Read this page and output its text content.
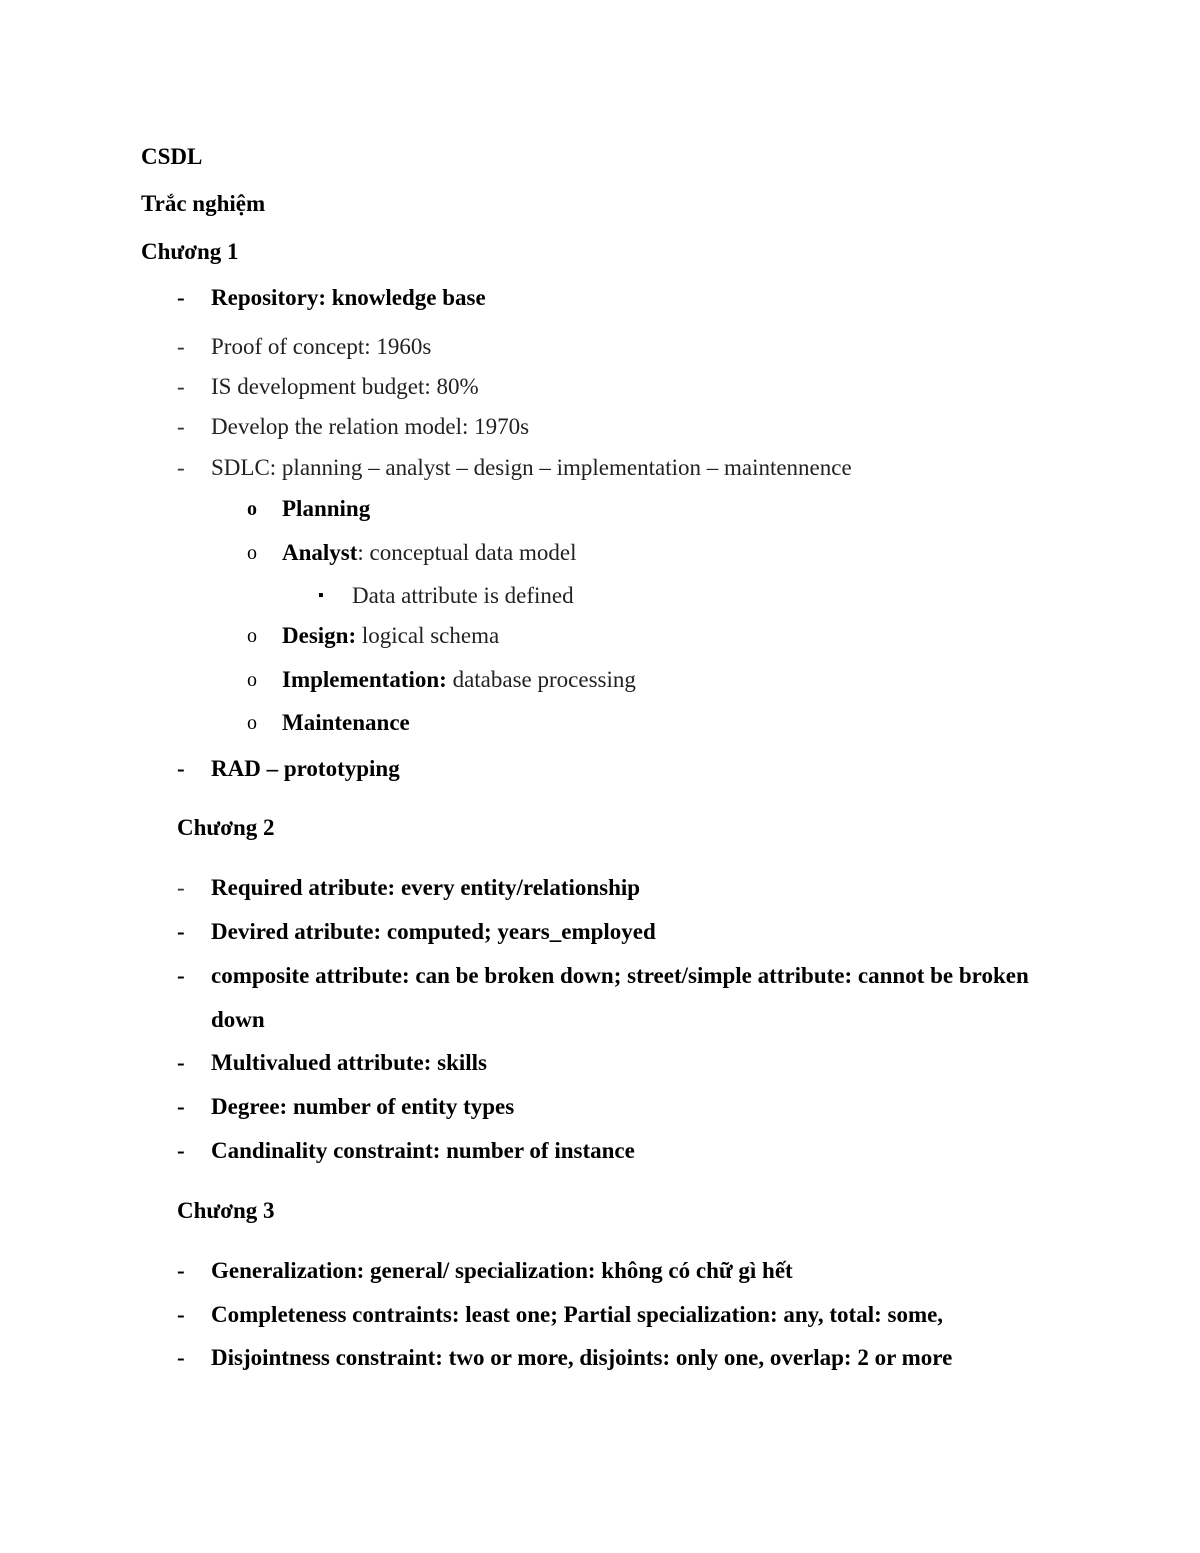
CSDL
Trắc nghiệm
Chương 1
- Repository: knowledge base
- Proof of concept: 1960s
- IS development budget: 80%
- Develop the relation model: 1970s
- SDLC: planning – analyst – design – implementation – maintennence
o Planning
o Analyst: conceptual data model
▪ Data attribute is defined
o Design: logical schema
o Implementation: database processing
o Maintenance
- RAD – prototyping
Chương 2
- Required atribute: every entity/relationship
- Devired atribute: computed; years_employed
- composite attribute: can be broken down; street/simple attribute: cannot be broken
down
- Multivalued attribute: skills
- Degree: number of entity types
- Candinality constraint: number of instance
Chương 3
- Generalization: general/ specialization: không có chữ gì hết
- Completeness contraints: least one; Partial specialization: any, total: some,
- Disjointness constraint: two or more, disjoints: only one, overlap: 2 or more
